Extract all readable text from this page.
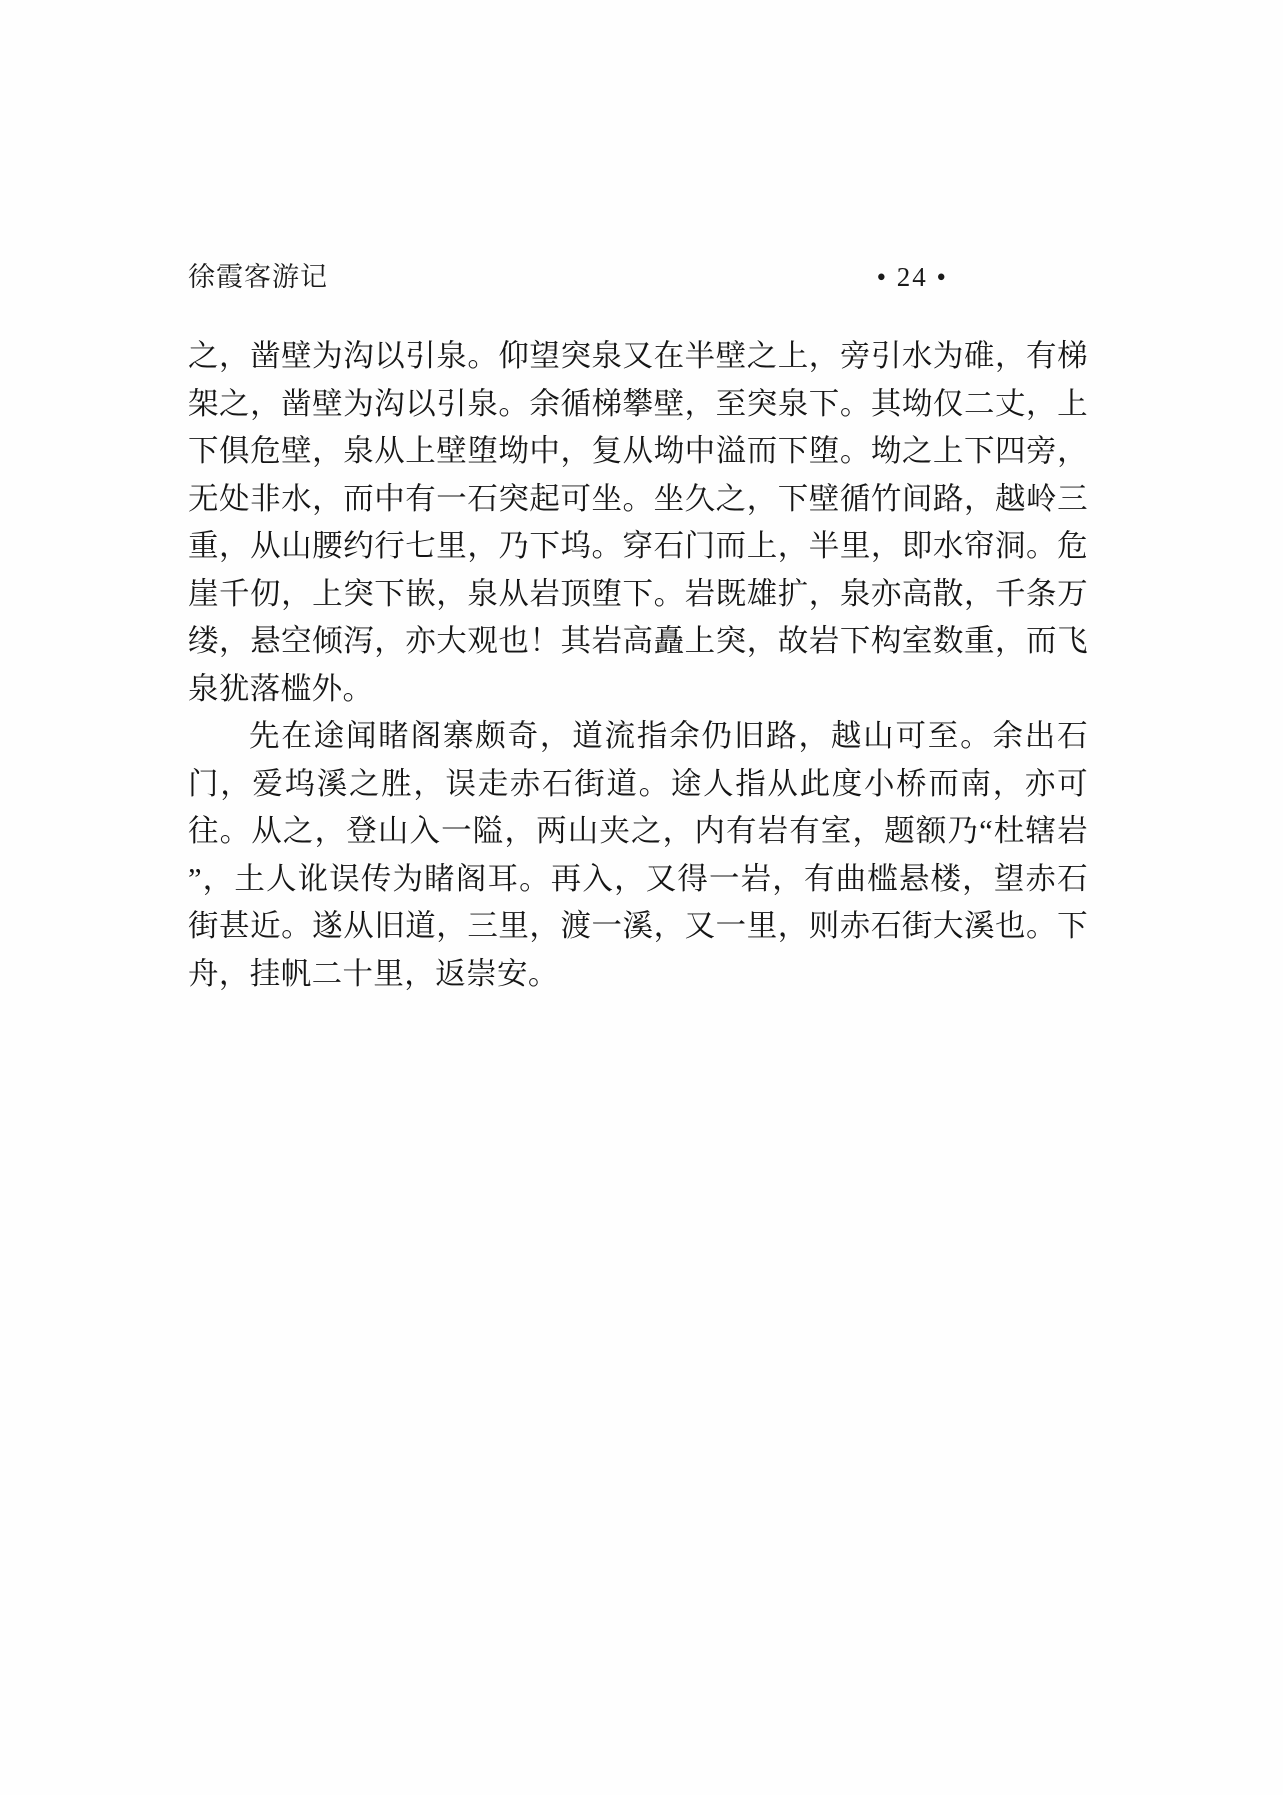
徐霞客游记	• 24 •

之，凿壁为沟以引泉。仰望突泉又在半壁之上，旁引水为碓，有梯架之，凿壁为沟以引泉。余循梯攀壁，至突泉下。其坳仅二丈，上下俱危壁，泉从上壁堕坳中，复从坳中溢而下堕。坳之上下四旁，无处非水，而中有一石突起可坐。坐久之，下壁循竹间路，越岭三重，从山腰约行七里，乃下坞。穿石门而上，半里，即水帘洞。危崖千仞，上突下嵌，泉从岩顶堕下。岩既雄扩，泉亦高散，千条万缕，悬空倾泻，亦大观也！其岩高矗上突，故岩下构室数重，而飞泉犹落槛外。

先在途闻睹阁寨颇奇，道流指余仍旧路，越山可至。余出石门，爱坞溪之胜，误走赤石街道。途人指从此度小桥而南，亦可往。从之，登山入一隘，两山夹之，内有岩有室，题额乃“杜辖岩 ”，土人讹误传为睹阁耳。再入，又得一岩，有曲槛悬楼，望赤石街甚近。遂从旧道，三里，渡一溪，又一里，则赤石街大溪也。下舟，挂帆二十里，返崇安。
